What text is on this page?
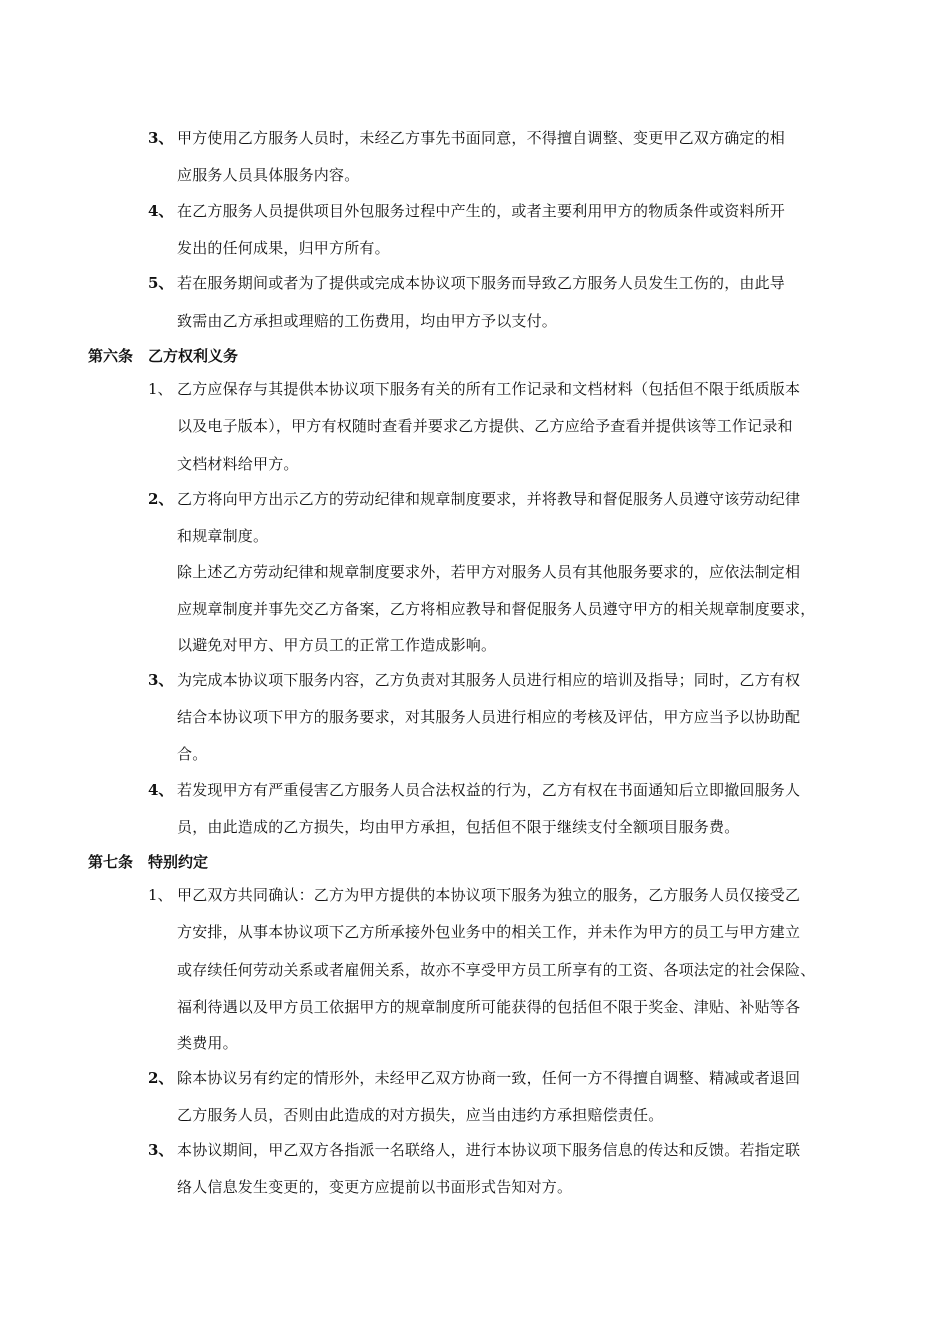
3、 甲方使用乙方服务人员时，未经乙方事先书面同意，不得擅自调整、变更甲乙双方确定的相
应服务人员具体服务内容。
4、 在乙方服务人员提供项目外包服务过程中产生的，或者主要利用甲方的物质条件或资料所开
发出的任何成果，归甲方所有。
5、 若在服务期间或者为了提供或完成本协议项下服务而导致乙方服务人员发生工伤的，由此导
致需由乙方承担或理赔的工伤费用，均由甲方予以支付。
第六条　乙方权利义务
1、 乙方应保存与其提供本协议项下服务有关的所有工作记录和文档材料（包括但不限于纸质版本
以及电子版本），甲方有权随时查看并要求乙方提供、乙方应给予查看并提供该等工作记录和
文档材料给甲方。
2、 乙方将向甲方出示乙方的劳动纪律和规章制度要求，并将教导和督促服务人员遵守该劳动纪律
和规章制度。
除上述乙方劳动纪律和规章制度要求外，若甲方对服务人员有其他服务要求的，应依法制定相
应规章制度并事先交乙方备案，乙方将相应教导和督促服务人员遵守甲方的相关规章制度要求，
以避免对甲方、甲方员工的正常工作造成影响。
3、 为完成本协议项下服务内容，乙方负责对其服务人员进行相应的培训及指导；同时，乙方有权
结合本协议项下甲方的服务要求，对其服务人员进行相应的考核及评估，甲方应当予以协助配
合。
4、 若发现甲方有严重侵害乙方服务人员合法权益的行为，乙方有权在书面通知后立即撤回服务人
员，由此造成的乙方损失，均由甲方承担，包括但不限于继续支付全额项目服务费。
第七条　特别约定
1、 甲乙双方共同确认：乙方为甲方提供的本协议项下服务为独立的服务，乙方服务人员仅接受乙
方安排，从事本协议项下乙方所承接外包业务中的相关工作，并未作为甲方的员工与甲方建立
或存续任何劳动关系或者雇佣关系，故亦不享受甲方员工所享有的工资、各项法定的社会保险、
福利待遇以及甲方员工依据甲方的规章制度所可能获得的包括但不限于奖金、津贴、补贴等各
类费用。
2、 除本协议另有约定的情形外，未经甲乙双方协商一致，任何一方不得擅自调整、精减或者退回
乙方服务人员，否则由此造成的对方损失，应当由违约方承担赔偿责任。
3、 本协议期间，甲乙双方各指派一名联络人，进行本协议项下服务信息的传达和反馈。若指定联
络人信息发生变更的，变更方应提前以书面形式告知对方。
